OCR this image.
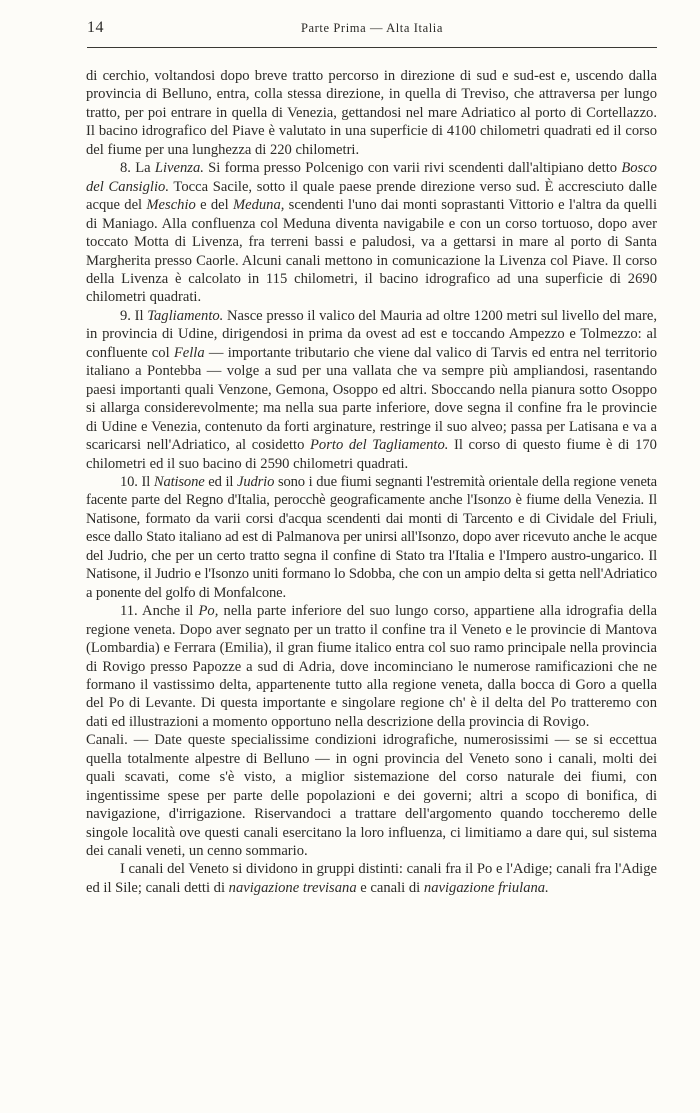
14	Parte Prima — Alta Italia

di cerchio, voltandosi dopo breve tratto percorso in direzione di sud e sud-est e, uscendo dalla provincia di Belluno, entra, colla stessa direzione, in quella di Treviso, che attraversa per lungo tratto, per poi entrare in quella di Venezia, gettandosi nel mare Adriatico al porto di Cortellazzo. Il bacino idrografico del Piave è valutato in una superficie di 4100 chilometri quadrati ed il corso del fiume per una lunghezza di 220 chilometri.

8. La Livenza. Si forma presso Polcenigo con varii rivi scendenti dall'altipiano detto Bosco del Cansiglio. Tocca Sacile, sotto il quale paese prende direzione verso sud. È accresciuto dalle acque del Meschio e del Meduna, scendenti l'uno dai monti soprastanti Vittorio e l'altra da quelli di Maniago. Alla confluenza col Meduna diventa navigabile e con un corso tortuoso, dopo aver toccato Motta di Livenza, fra terreni bassi e paludosi, va a gettarsi in mare al porto di Santa Margherita presso Caorle. Alcuni canali mettono in comunicazione la Livenza col Piave. Il corso della Livenza è calcolato in 115 chilometri, il bacino idrografico ad una superficie di 2690 chilometri quadrati.

9. Il Tagliamento. Nasce presso il valico del Mauria ad oltre 1200 metri sul livello del mare, in provincia di Udine, dirigendosi in prima da ovest ad est e toccando Ampezzo e Tolmezzo: al confluente col Fella — importante tributario che viene dal valico di Tarvis ed entra nel territorio italiano a Pontebba — volge a sud per una vallata che va sempre più ampliandosi, rasentando paesi importanti quali Venzone, Gemona, Osoppo ed altri. Sboccando nella pianura sotto Osoppo si allarga considerevolmente; ma nella sua parte inferiore, dove segna il confine fra le provincie di Udine e Venezia, contenuto da forti arginature, restringe il suo alveo; passa per Latisana e va a scaricarsi nell'Adriatico, al cosidetto Porto del Tagliamento. Il corso di questo fiume è di 170 chilometri ed il suo bacino di 2590 chilometri quadrati.

10. Il Natisone ed il Judrio sono i due fiumi segnanti l'estremità orientale della regione veneta facente parte del Regno d'Italia, perocchè geograficamente anche l'Isonzo è fiume della Venezia. Il Natisone, formato da varii corsi d'acqua scendenti dai monti di Tarcento e di Cividale del Friuli, esce dallo Stato italiano ad est di Palmanova per unirsi all'Isonzo, dopo aver ricevuto anche le acque del Judrio, che per un certo tratto segna il confine di Stato tra l'Italia e l'Impero austro-ungarico. Il Natisone, il Judrio e l'Isonzo uniti formano lo Sdobba, che con un ampio delta si getta nell'Adriatico a ponente del golfo di Monfalcone.

11. Anche il Po, nella parte inferiore del suo lungo corso, appartiene alla idrografia della regione veneta. Dopo aver segnato per un tratto il confine tra il Veneto e le provincie di Mantova (Lombardia) e Ferrara (Emilia), il gran fiume italico entra col suo ramo principale nella provincia di Rovigo presso Papozze a sud di Adria, dove incominciano le numerose ramificazioni che ne formano il vastissimo delta, appartenente tutto alla regione veneta, dalla bocca di Goro a quella del Po di Levante. Di questa importante e singolare regione ch' è il delta del Po tratteremo con dati ed illustrazioni a momento opportuno nella descrizione della provincia di Rovigo.

Canali. — Date queste specialissime condizioni idrografiche, numerosissimi — se si eccettua quella totalmente alpestre di Belluno — in ogni provincia del Veneto sono i canali, molti dei quali scavati, come s'è visto, a miglior sistemazione del corso naturale dei fiumi, con ingentissime spese per parte delle popolazioni e dei governi; altri a scopo di bonifica, di navigazione, d'irrigazione. Riservandoci a trattare dell'argomento quando toccheremo delle singole località ove questi canali esercitano la loro influenza, ci limitiamo a dare qui, sul sistema dei canali veneti, un cenno sommario.

I canali del Veneto si dividono in gruppi distinti: canali fra il Po e l'Adige; canali fra l'Adige ed il Sile; canali detti di navigazione trevisana e canali di navigazione friulana.
